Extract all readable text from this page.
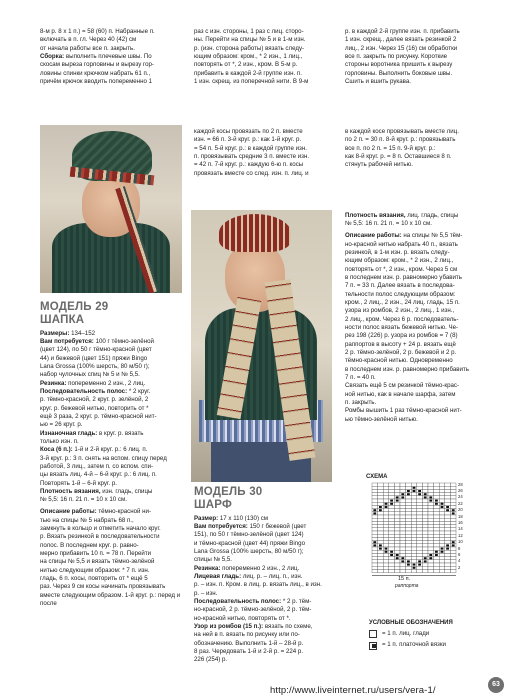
8-м р. 8 х 1 п.) = 58 (60) п. Набранные п.

включать в п. гл. Через 40 (42) см

от начала работы все п. закрыть.

Сборка: выполнить плечевые швы. По

скосам выреза горловины и вырезу гор-

ловины спинки крючком набрать 61 п.,

причём крючок вводить попеременно 1

раз с изн. стороны, 1 раз с лиц. сторо-

ны. Перейти на спицы № 5 и в 1-м изн.

р. (изн. сторона работы) вязать следу-

ющим образом: кром., * 2 изн., 1 лиц.,

повторять от *, 2 изн., кром. В 5-м р.

прибавить в каждой 2-й группе изн. п.

1 изн. скрещ. из поперечной нити. В 9-м

р. в каждой 2-й группе изн. п. прибавить

1 изн. скрещ., далее вязать резинкой 2

лиц., 2 изн. Через 15 (16) см обработки

все п. закрыть по рисунку. Короткие

стороны воротника пришить к вырезу

горловины. Выполнить боковые швы.

Сшить и вшить рукава.

каждой косы провязать по 2 п. вместе

изн. = 66 п. 3-й круг. р.: как 1-й круг. р.

= 54 п. 5-й круг. р.: в каждой группе изн.

п. провязывать средние 3 п. вместе изн.

= 42 п. 7-й круг. р.: каждую 6-ю п. косы

провязать вместе со след. изн. п. лиц. и

в каждой косе провязывать вместе лиц.

по 2 п. = 30 п. 8-й круг. р.: провязывать

все п. по 2 п. = 15 п. 9-й круг. р.:

как 8-й круг. р. = 8 п. Оставшиеся 8 п.

стянуть рабочей нитью.

МОДЕЛЬ 29
ШАПКА

Размеры: 134–152

Вам потребуется: 100 г тёмно-зелёной

(цвет 124), по 50 г тёмно-красной (цвет

44) и бежевой (цвет 151) пряжи Bingo

Lana Grossa (100% шерсть, 80 м/50 г);

набор чулочных спиц № 5 и № 5,5.

Резинка: попеременно 2 изн., 2 лиц.

Последовательность полос: * 2 круг.

р. тёмно-красной, 2 круг. р. зелёной, 2

круг. р. бежевой нитью, повторить от *

ещё 3 раза, 2 круг. р. тёмно-красной нит-

ью = 26 круг. р.

Изнаночная гладь: в круг. р. вязать

только изн. п.

Коса (6 п.): 1-й и 2-й круг. р.: 6 лиц. п.

3-й круг. р.: 3 п. снять на вспом. спицу перед

работой, 3 лиц., затем п. со вспом. спи-

цы вязать лиц. 4-й – 6-й круг. р.: 6 лиц. п.

Повторять 1-й – 6-й круг. р.

Плотность вязания, изн. гладь, спицы

№ 5,5: 16 п. 21 п. = 10 х 10 см.

Описание работы: тёмно-красной ни-

тью на спицы № 5 набрать 68 п.,

замкнуть в кольцо и отметить начало круг.

р. Вязать резинкой в последовательности

полос. В последнем круг. р. равно-

мерно прибавить 10 п. = 78 п. Перейти

на спицы № 5,5 и вязать тёмно-зелёной

нитью следующим образом: * 7 п. изн.

гладь, 6 п. косы, повторить от * ещё 5

раз. Через 9 см косы начинать провязывать

вместе следующим образом. 1-й круг. р.: перед и после

МОДЕЛЬ 30
ШАРФ

Размер: 17 х 110 (130) см

Вам потребуется: 150 г бежевой (цвет

151), по 50 г тёмно-зелёной (цвет 124)

и тёмно-красной (цвет 44) пряжи Bingo

Lana Grossa (100% шерсть, 80 м/50 г);

спицы № 5,5.

Резинка: попеременно 2 изн., 2 лиц.

Лицевая гладь: лиц. р. – лиц. п., изн.

р. – изн. п. Кром. в лиц. р. вязать лиц., в изн.

р. – изн.

Последовательность полос: * 2 р. тём-

но-красной, 2 р. тёмно-зелёной, 2 р. тём-

но-красной нитью, повторять от *.

Узор из ромбов (15 п.): вязать по схеме,

на ней в п. вязать по рисунку или по-

обозначению. Выполнить 1-й – 28-й р.

8 раз. Чередовать 1-й и 2-й р. = 224 р.

226 (254) р.

Плотность вязания, лиц. гладь, спицы

№ 5,5: 16 п. 21 п. = 10 х 10 см.

Описание работы: на спицы № 5,5 тём-

но-красной нитью набрать 40 п., вязать

резинкой, в 1-м изн. р. вязать следу-

ющим образом: кром., * 2 изн., 2 лиц.,

повторять от *, 2 изн., кром. Через 5 см

в последнем изн. р. равномерно убавить

7 п. = 33 п. Далее вязать в последова-

тельности полос следующим образом:

кром., 2 лиц., 2 изн., 24 лиц. гладь, 15 п.

узора из ромбов, 2 изн., 2 лиц., 1 изн.,

2 лиц., кром. Через 6 р. последователь-

ности полос вязать бежевой нитью. Че-

рез 198 (226) р. узора из ромбов = 7 (8)

раппортов в высоту + 24 р. вязать ещё

2 р. тёмно-зелёной, 2 р. бежевой и 2 р.

тёмно-красной нитью. Одновременно

в последнем изн. р. равномерно прибавить

7 п. = 40 п.

Связать ещё 5 см резинкой тёмно-крас-

ной нитью, как в начале шарфа, затем

п. закрыть.

Ромбы вышить 1 раз тёмно-красной нит-

ью тёмно-зелёной нитью.

СХЕМА
15 п.
раппорта
28
26
24
22
20
18
16
14
12
10
8
6
4
2
УСЛОВНЫЕ ОБОЗНАЧЕНИЯ
= 1 п. лиц. глади
= 1 п. платочной вязки
http://www.liveinternet.ru/users/vera-1/
63
